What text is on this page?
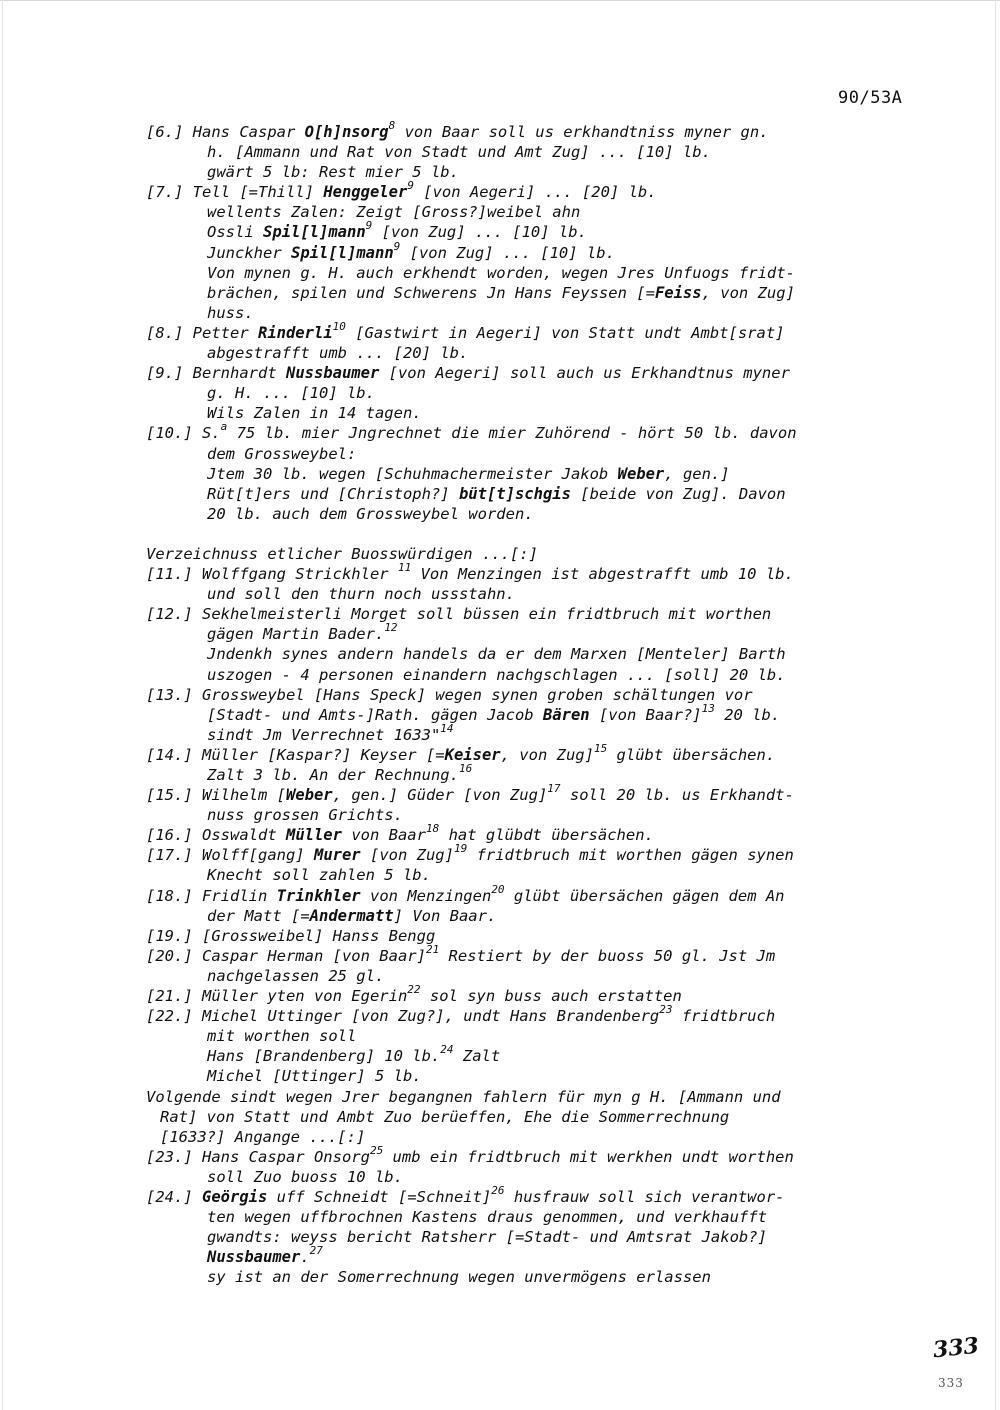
90/53A
[6.] Hans Caspar O[h]nsorg$^8$ von Baar soll us erkhandtniss myner gn.
h. [Ammann und Rat von Stadt und Amt Zug] ... [10] lb.
gwärt 5 lb: Rest mier 5 lb.
[7.] Tell [=Thill] Henggeler$^9$ [von Aegeri] ... [20] lb.
wellents Zalen: Zeigt [Gross?]weibel ahn
Ossli Spil[l]mann$^9$ [von Zug] ... [10] lb.
Junckher Spil[l]mann$^9$ [von Zug] ... [10] lb.
Von mynen g. H. auch erkhendt worden, wegen Jres Unfuogs fridt-
brächen, spilen und Schwerens Jn Hans Feyssen [=Feiss, von Zug]
huss.
[8.] Petter Rinderli$^{10}$ [Gastwirt in Aegeri] von Statt undt Ambt[srat]
abgestrafft umb ... [20] lb.
[9.] Bernhardt Nussbaumer [von Aegeri] soll auch us Erkhandtnus myner
g. H. ... [10] lb.
Wils Zalen in 14 tagen.
[10.] S.$^a$ 75 lb. mier Jngrechnet die mier Zuhörend - hört 50 lb. davon
dem Grossweybel:
Jtem 30 lb. wegen [Schuhmachermeister Jakob Weber, gen.]
Rüt[t]ers und [Christoph?] büt[t]schgis [beide von Zug]. Davon
20 lb. auch dem Grossweybel worden.
Verzeichnuss etlicher Buosswürdigen ...[:]
[11.] Wolffgang Strickhler $^{11}$ Von Menzingen ist abgestrafft umb 10 lb.
und soll den thurn noch ussstahn.
[12.] Sekhelmeisterli Morget soll büssen ein fridtbruch mit worthen
gägen Martin Bader.$^{12}$
Jndenkh synes andern handels da er dem Marxen [Menteler] Barth
uszogen - 4 personen einandern nachgschlagen ... [soll] 20 lb.
[13.] Grossweybel [Hans Speck] wegen synen groben schältungen vor
[Stadt- und Amts-]Rath. gägen Jacob Bären [von Baar?]$^{13}$ 20 lb.
sindt Jm Verrechnet 1633"$^{14}$
[14.] Müller [Kaspar?] Keyser [=Keiser, von Zug]$^{15}$ glübt übersächen.
Zalt 3 lb. An der Rechnung.$^{16}$
[15.] Wilhelm [Weber, gen.] Güder [von Zug]$^{17}$ soll 20 lb. us Erkhandt-
nuss grossen Grichts.
[16.] Osswaldt Müller von Baar$^{18}$ hat glübdt übersächen.
[17.] Wolff[gang] Murer [von Zug]$^{19}$ fridtbruch mit worthen gägen synen
Knecht soll zahlen 5 lb.
[18.] Fridlin Trinkhler von Menzingen$^{20}$ glübt übersächen gägen dem An
der Matt [=Andermatt] Von Baar.
[19.] [Grossweibel] Hanss Bengg
[20.] Caspar Herman [von Baar]$^{21}$ Restiert by der buoss 50 gl. Jst Jm
nachgelassen 25 gl.
[21.] Müller yten von Egerin$^{22}$ sol syn buss auch erstatten
[22.] Michel Uttinger [von Zug?], undt Hans Brandenberg$^{23}$ fridtbruch
mit worthen soll
Hans [Brandenberg] 10 lb.$^{24}$ Zalt
Michel [Uttinger] 5 lb.
Volgende sindt wegen Jrer begangnen fahlern für myn g H. [Ammann und
Rat] von Statt und Ambt Zuo berüeffen, Ehe die Sommerrechnung
[1633?] Angange ...[:]
[23.] Hans Caspar Onsorg$^{25}$ umb ein fridtbruch mit werkhen undt worthen
soll Zuo buoss 10 lb.
[24.] Geörgis uff Schneidt [=Schneit]$^{26}$ husfrauw soll sich verantwor-
ten wegen uffbrochnen Kastens draus genommen, und verkhaufft
gwandts: weyss bericht Ratsherr [=Stadt- und Amtsrat Jakob?]
Nussbaumer.$^{27}$
sy ist an der Somerrechnung wegen unvermögens erlassen
333
333
